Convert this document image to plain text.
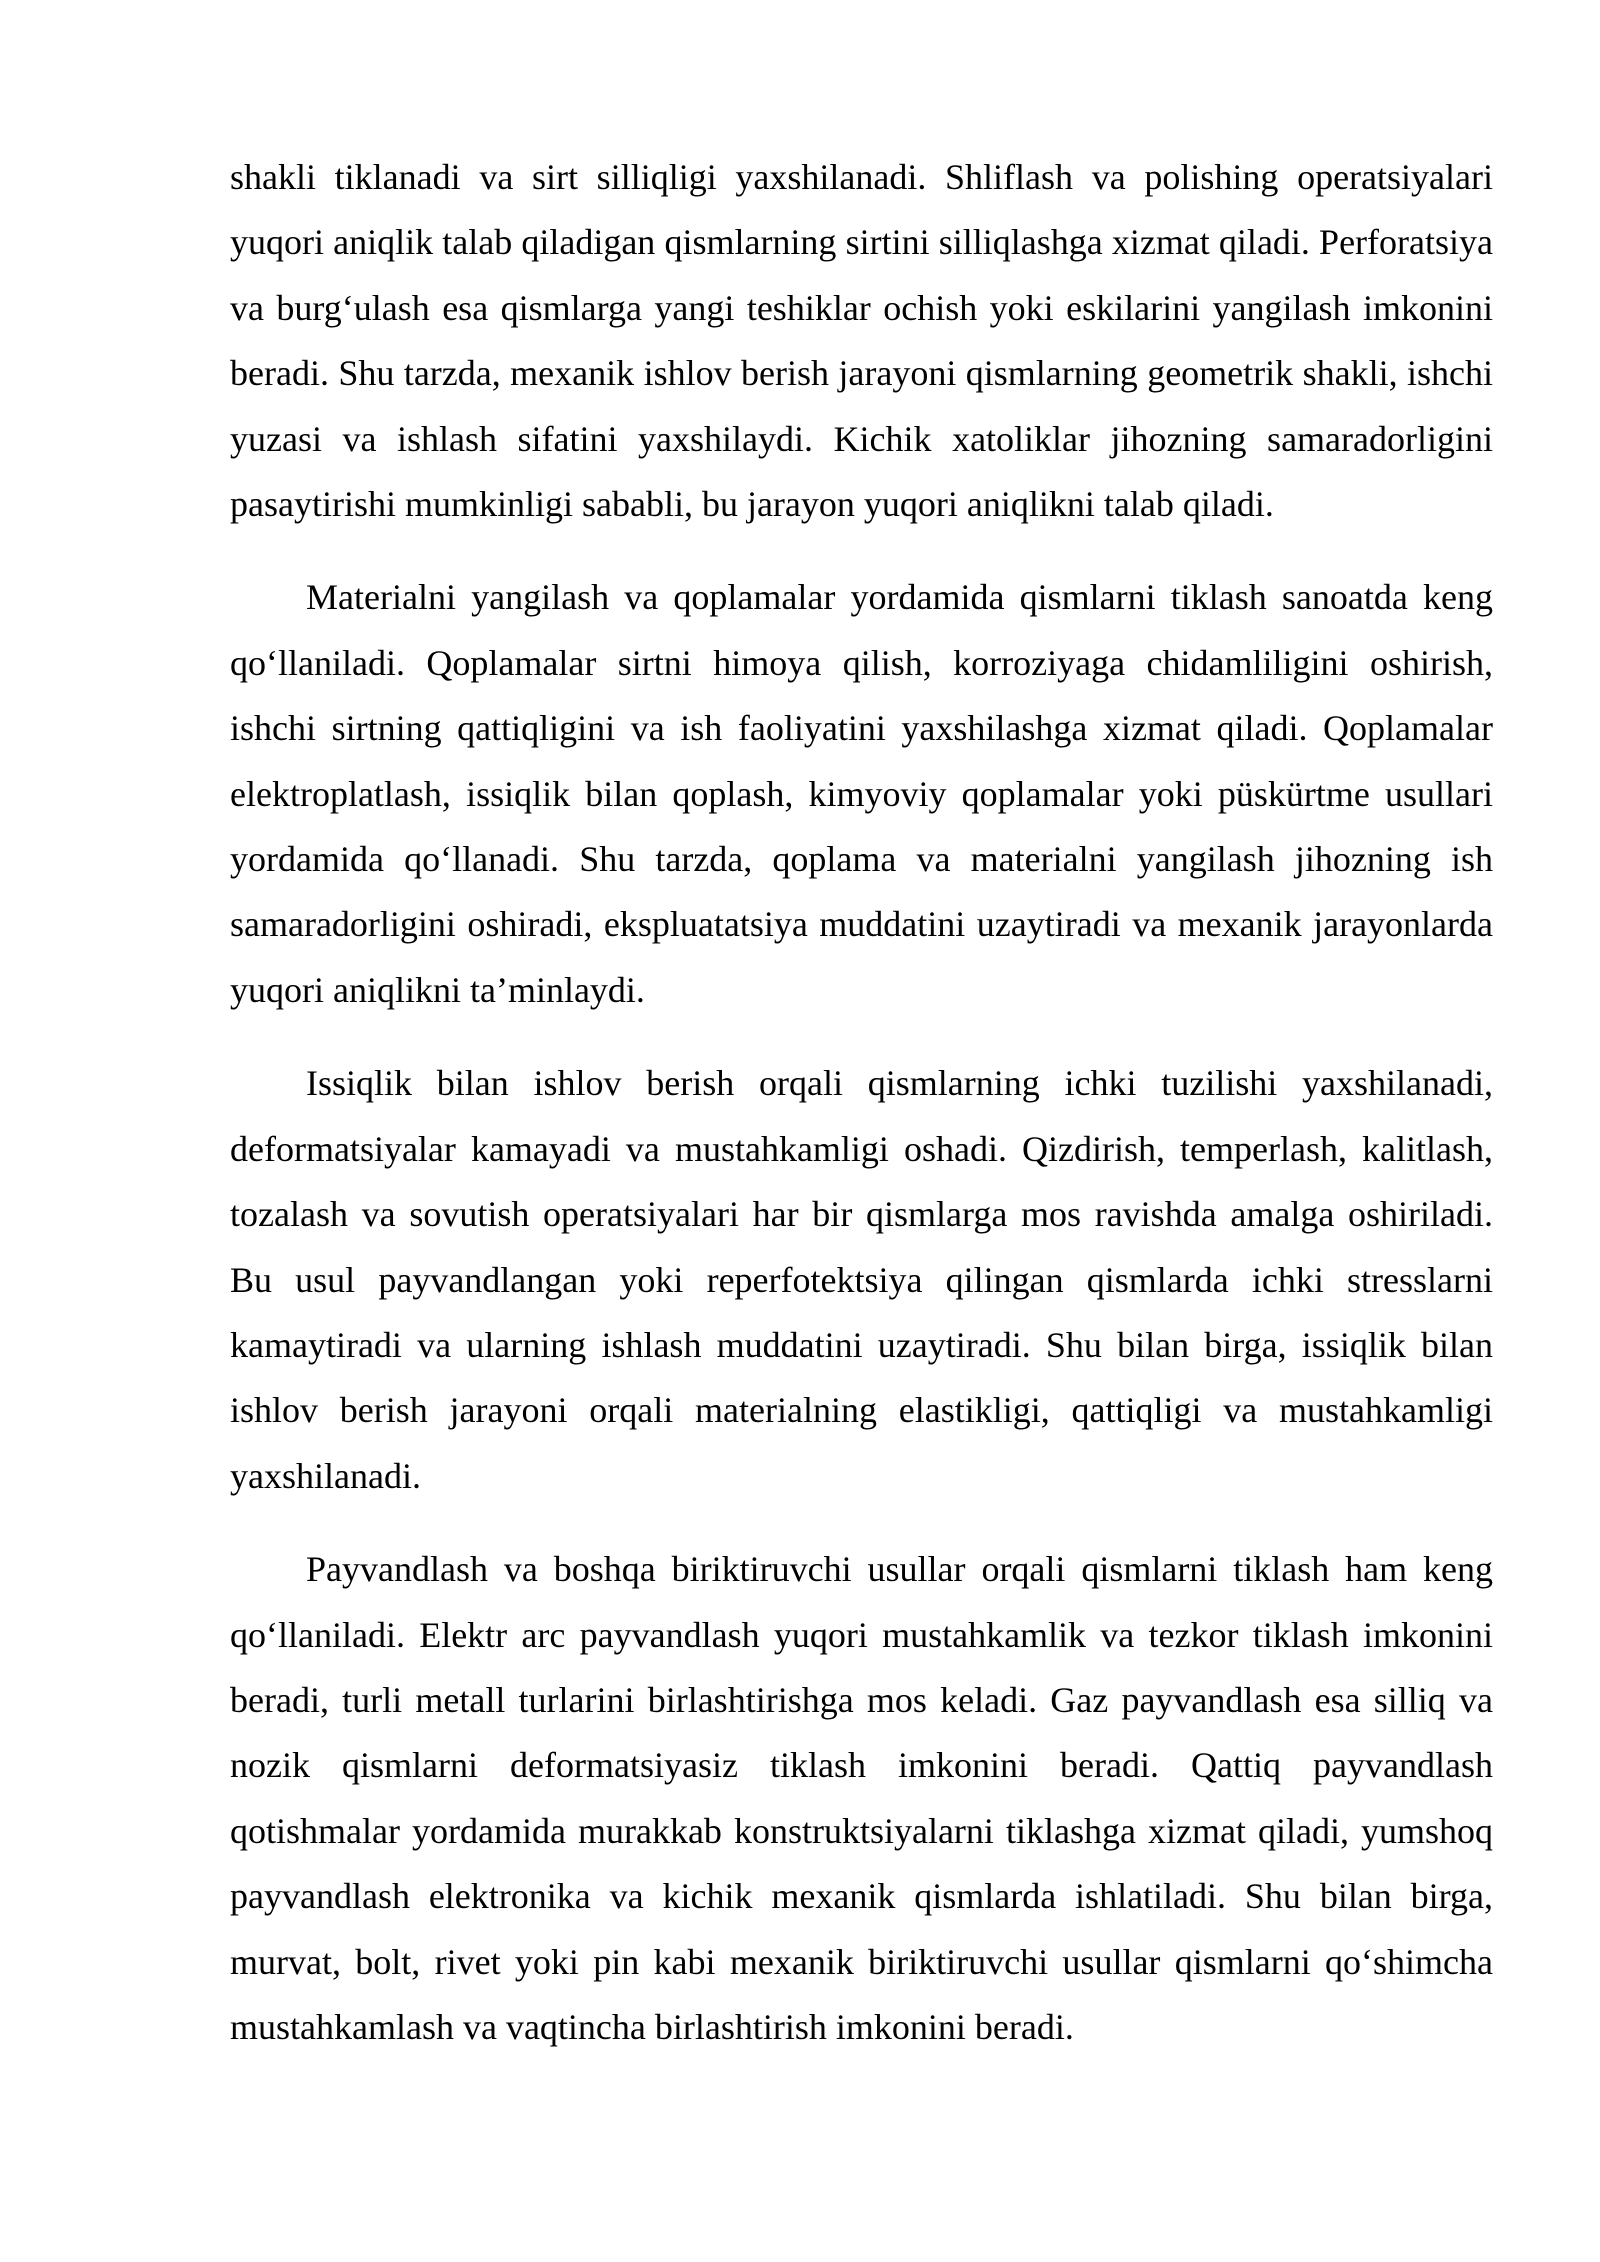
shakli tiklanadi va sirt silliqligi yaxshilanadi. Shliflash va polishing operatsiyalari yuqori aniqlik talab qiladigan qismlarning sirtini silliqlashga xizmat qiladi. Perforatsiya va burg‘ulash esa qismlarga yangi teshiklar ochish yoki eskilarini yangilash imkonini beradi. Shu tarzda, mexanik ishlov berish jarayoni qismlarning geometrik shakli, ishchi yuzasi va ishlash sifatini yaxshilaydi. Kichik xatoliklar jihozning samaradorligini pasaytirishi mumkinligi sababli, bu jarayon yuqori aniqlikni talab qiladi.

Materialni yangilash va qoplamalar yordamida qismlarni tiklash sanoatda keng qo‘llaniladi. Qoplamalar sirtni himoya qilish, korroziyaga chidamliligini oshirish, ishchi sirtning qattiqligini va ish faoliyatini yaxshilashga xizmat qiladi. Qoplamalar elektroplatlash, issiqlik bilan qoplash, kimyoviy qoplamalar yoki püskürtme usullari yordamida qo‘llanadi. Shu tarzda, qoplama va materialni yangilash jihozning ish samaradorligini oshiradi, ekspluatatsiya muddatini uzaytiradi va mexanik jarayonlarda yuqori aniqlikni ta’minlaydi.

Issiqlik bilan ishlov berish orqali qismlarning ichki tuzilishi yaxshilanadi, deformatsiyalar kamayadi va mustahkamligi oshadi. Qizdirish, temperlash, kalitlash, tozalash va sovutish operatsiyalari har bir qismlarga mos ravishda amalga oshiriladi. Bu usul payvandlangan yoki reperfotektsiya qilingan qismlarda ichki stresslarni kamaytiradi va ularning ishlash muddatini uzaytiradi. Shu bilan birga, issiqlik bilan ishlov berish jarayoni orqali materialning elastikligi, qattiqligi va mustahkamligi yaxshilanadi.

Payvandlash va boshqa biriktiruvchi usullar orqali qismlarni tiklash ham keng qo‘llaniladi. Elektr arc payvandlash yuqori mustahkamlik va tezkor tiklash imkonini beradi, turli metall turlarini birlashtirishga mos keladi. Gaz payvandlash esa silliq va nozik qismlarni deformatsiyasiz tiklash imkonini beradi. Qattiq payvandlash qotishmalar yordamida murakkab konstruktsiyalarni tiklashga xizmat qiladi, yumshoq payvandlash elektronika va kichik mexanik qismlarda ishlatiladi. Shu bilan birga, murvat, bolt, rivet yoki pin kabi mexanik biriktiruvchi usullar qismlarni qo‘shimcha mustahkamlash va vaqtincha birlashtirish imkonini beradi.
